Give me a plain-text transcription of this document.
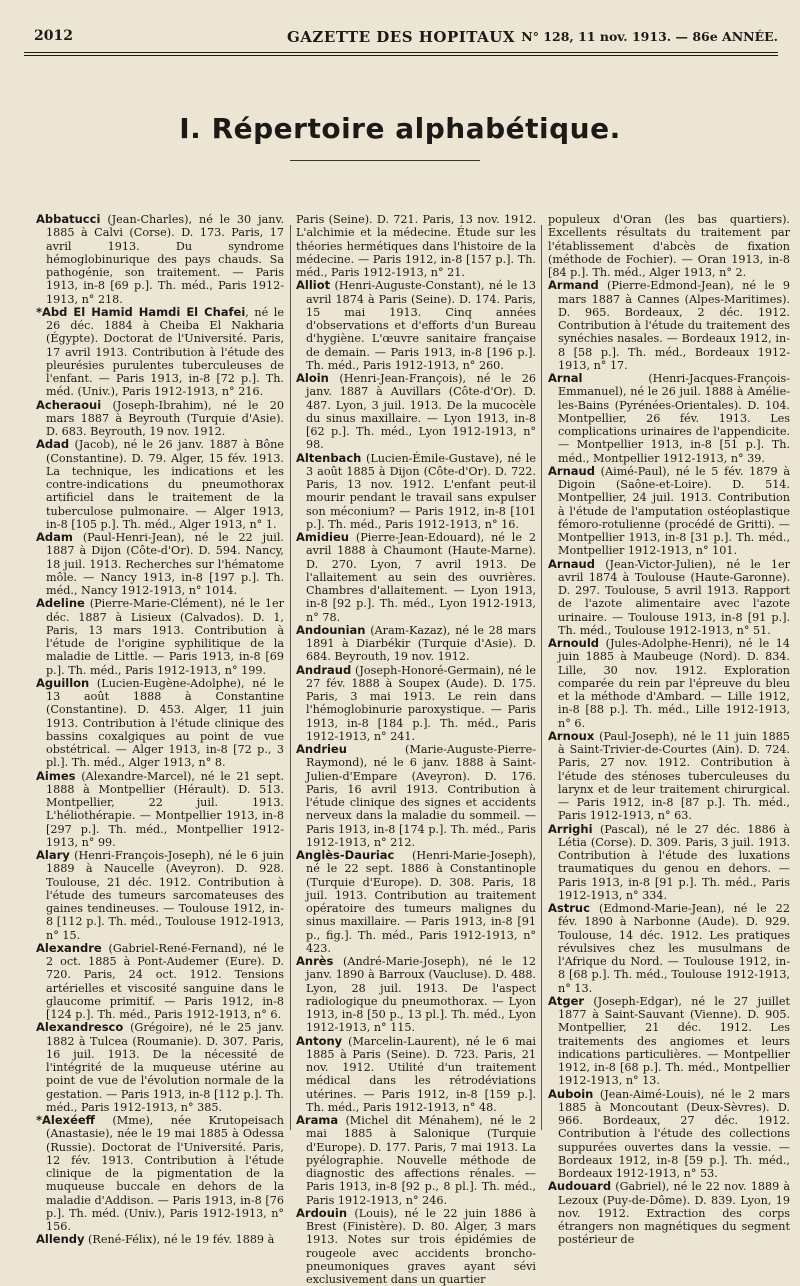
2012	GAZETTE DES HOPITAUX N° 128, 11 nov. 1913. — 86e ANNÉE.
I. Répertoire alphabétique.

Abbatucci (Jean-Charles), né le 30 janv. 1885 à Calvi (Corse). D. 173. Paris, 17 avril 1913. Du syndrome hémoglobinurique des pays chauds. Sa pathogénie, son traitement. — Paris 1913, in-8 [69 p.]. Th. méd., Paris 1912-1913, n° 218.

*Abd El Hamid Hamdi El Chafei, né le 26 déc. 1884 à Cheiba El Nakharia (Égypte). Doctorat de l'Université. Paris, 17 avril 1913. Contribution à l'étude des pleurésies purulentes tuberculeuses de l'enfant. — Paris 1913, in-8 [72 p.]. Th. méd. (Univ.), Paris 1912-1913, n° 216.

Acheraoui (Joseph-Ibrahim), né le 20 mars 1887 à Beyrouth (Turquie d'Asie). D. 683. Beyrouth, 19 nov. 1912.

Adad (Jacob), né le 26 janv. 1887 à Bône (Constantine). D. 79. Alger, 15 fév. 1913. La technique, les indications et les contre-indications du pneumothorax artificiel dans le traitement de la tuberculose pulmonaire. — Alger 1913, in-8 [105 p.]. Th. méd., Alger 1913, n° 1.

Adam (Paul-Henri-Jean), né le 22 juil. 1887 à Dijon (Côte-d'Or). D. 594. Nancy, 18 juil. 1913. Recherches sur l'hématome môle. — Nancy 1913, in-8 [197 p.]. Th. méd., Nancy 1912-1913, n° 1014.

Adeline (Pierre-Marie-Clément), né le 1er déc. 1887 à Lisieux (Calvados). D. 1, Paris, 13 mars 1913. Contribution à l'étude de l'origine syphilitique de la maladie de Little. — Paris 1913, in-8 [69 p.]. Th. méd., Paris 1912-1913, n° 199.

Aguillon (Lucien-Eugène-Adolphe), né le 13 août 1888 à Constantine (Constantine). D. 453. Alger, 11 juin 1913. Contribution à l'étude clinique des bassins coxalgiques au point de vue obstétrical. — Alger 1913, in-8 [72 p., 3 pl.]. Th. méd., Alger 1913, n° 8.

Aimes (Alexandre-Marcel), né le 21 sept. 1888 à Montpellier (Hérault). D. 513. Montpellier, 22 juil. 1913. L'héliothérapie. — Montpellier 1913, in-8 [297 p.]. Th. méd., Montpellier 1912-1913, n° 99.

Alary (Henri-François-Joseph), né le 6 juin 1889 à Naucelle (Aveyron). D. 928. Toulouse, 21 déc. 1912. Contribution à l'étude des tumeurs sarcomateuses des gaines tendineuses. — Toulouse 1912, in-8 [112 p.]. Th. méd., Toulouse 1912-1913, n° 15.

Alexandre (Gabriel-René-Fernand), né le 2 oct. 1885 à Pont-Audemer (Eure). D. 720. Paris, 24 oct. 1912. Tensions artérielles et viscosité sanguine dans le glaucome primitif. — Paris 1912, in-8 [124 p.]. Th. méd., Paris 1912-1913, n° 6.

Alexandresco (Grégoire), né le 25 janv. 1882 à Tulcea (Roumanie). D. 307. Paris, 16 juil. 1913. De la nécessité de l'intégrité de la muqueuse utérine au point de vue de l'évolution normale de la gestation. — Paris 1913, in-8 [112 p.]. Th. méd., Paris 1912-1913, n° 385.

*Alexéeff (Mme), née Krutopeisach (Anastasie), née le 19 mai 1885 à Odessa (Russie). Doctorat de l'Université. Paris, 12 fév. 1913. Contribution à l'étude clinique de la pigmentation de la muqueuse buccale en dehors de la maladie d'Addison. — Paris 1913, in-8 [76 p.]. Th. méd. (Univ.), Paris 1912-1913, n° 156.

Allendy (René-Félix), né le 19 fév. 1889 à

Paris (Seine). D. 721. Paris, 13 nov. 1912. L'alchimie et la médecine. Étude sur les théories hermétiques dans l'histoire de la médecine. — Paris 1912, in-8 [157 p.]. Th. méd., Paris 1912-1913, n° 21.

Alliot (Henri-Auguste-Constant), né le 13 avril 1874 à Paris (Seine). D. 174. Paris, 15 mai 1913. Cinq années d'observations et d'efforts d'un Bureau d'hygiène. L'œuvre sanitaire française de demain. — Paris 1913, in-8 [196 p.]. Th. méd., Paris 1912-1913, n° 260.

Aloin (Henri-Jean-François), né le 26 janv. 1887 à Auvillars (Côte-d'Or). D. 487. Lyon, 3 juil. 1913. De la mucocèle du sinus maxillaire. — Lyon 1913, in-8 [62 p.]. Th. méd., Lyon 1912-1913, n° 98.

Altenbach (Lucien-Émile-Gustave), né le 3 août 1885 à Dijon (Côte-d'Or). D. 722. Paris, 13 nov. 1912. L'enfant peut-il mourir pendant le travail sans expulser son méconium? — Paris 1912, in-8 [101 p.]. Th. méd., Paris 1912-1913, n° 16.

Amidieu (Pierre-Jean-Edouard), né le 2 avril 1888 à Chaumont (Haute-Marne). D. 270. Lyon, 7 avril 1913. De l'allaitement au sein des ouvrières. Chambres d'allaitement. — Lyon 1913, in-8 [92 p.]. Th. méd., Lyon 1912-1913, n° 78.

Andounian (Aram-Kazaz), né le 28 mars 1891 à Diarbékir (Turquie d'Asie). D. 684. Beyrouth, 19 nov. 1912.

Andraud (Joseph-Honoré-Germain), né le 27 fév. 1888 à Soupex (Aude). D. 175. Paris, 3 mai 1913. Le rein dans l'hémoglobinurie paroxystique. — Paris 1913, in-8 [184 p.]. Th. méd., Paris 1912-1913, n° 241.

Andrieu (Marie-Auguste-Pierre-Raymond), né le 6 janv. 1888 à Saint-Julien-d'Empare (Aveyron). D. 176. Paris, 16 avril 1913. Contribution à l'étude clinique des signes et accidents nerveux dans la maladie du sommeil. — Paris 1913, in-8 [174 p.]. Th. méd., Paris 1912-1913, n° 212.

Anglès-Dauriac (Henri-Marie-Joseph), né le 22 sept. 1886 à Constantinople (Turquie d'Europe). D. 308. Paris, 18 juil. 1913. Contribution au traitement opératoire des tumeurs malignes du sinus maxillaire. — Paris 1913, in-8 [91 p., fig.]. Th. méd., Paris 1912-1913, n° 423.

Anrès (André-Marie-Joseph), né le 12 janv. 1890 à Barroux (Vaucluse). D. 488. Lyon, 28 juil. 1913. De l'aspect radiologique du pneumothorax. — Lyon 1913, in-8 [50 p., 13 pl.]. Th. méd., Lyon 1912-1913, n° 115.

Antony (Marcelin-Laurent), né le 6 mai 1885 à Paris (Seine). D. 723. Paris, 21 nov. 1912. Utilité d'un traitement médical dans les rétrodéviations utérines. — Paris 1912, in-8 [159 p.]. Th. méd., Paris 1912-1913, n° 48.

Arama (Michel dit Ménahem), né le 2 mai 1885 à Salonique (Turquie d'Europe). D. 177. Paris, 7 mai 1913. La pyélographie. Nouvelle méthode de diagnostic des affections rénales. — Paris 1913, in-8 [92 p., 8 pl.]. Th. méd., Paris 1912-1913, n° 246.

Ardouin (Louis), né le 22 juin 1886 à Brest (Finistère). D. 80. Alger, 3 mars 1913. Notes sur trois épidémies de rougeole avec accidents broncho-pneumoniques graves ayant sévi exclusivement dans un quartier

populeux d'Oran (les bas quartiers). Excellents résultats du traitement par l'établissement d'abcès de fixation (méthode de Fochier). — Oran 1913, in-8 [84 p.]. Th. méd., Alger 1913, n° 2.

Armand (Pierre-Edmond-Jean), né le 9 mars 1887 à Cannes (Alpes-Maritimes). D. 965. Bordeaux, 2 déc. 1912. Contribution à l'étude du traitement des synéchies nasales. — Bordeaux 1912, in-8 [58 p.]. Th. méd., Bordeaux 1912-1913, n° 17.

Arnal (Henri-Jacques-François-Emmanuel), né le 26 juil. 1888 à Amélie-les-Bains (Pyrénées-Orientales). D. 104. Montpellier, 26 fév. 1913. Les complications urinaires de l'appendicite. — Montpellier 1913, in-8 [51 p.]. Th. méd., Montpellier 1912-1913, n° 39.

Arnaud (Aimé-Paul), né le 5 fév. 1879 à Digoin (Saône-et-Loire). D. 514. Montpellier, 24 juil. 1913. Contribution à l'étude de l'amputation ostéoplastique fémoro-rotulienne (procédé de Gritti). — Montpellier 1913, in-8 [31 p.]. Th. méd., Montpellier 1912-1913, n° 101.

Arnaud (Jean-Victor-Julien), né le 1er avril 1874 à Toulouse (Haute-Garonne). D. 297. Toulouse, 5 avril 1913. Rapport de l'azote alimentaire avec l'azote urinaire. — Toulouse 1913, in-8 [91 p.]. Th. méd., Toulouse 1912-1913, n° 51.

Arnould (Jules-Adolphe-Henri), né le 14 juin 1885 à Maubeuge (Nord). D. 834. Lille, 30 nov. 1912. Exploration comparée du rein par l'épreuve du bleu et la méthode d'Ambard. — Lille 1912, in-8 [88 p.]. Th. méd., Lille 1912-1913, n° 6.

Arnoux (Paul-Joseph), né le 11 juin 1885 à Saint-Trivier-de-Courtes (Ain). D. 724. Paris, 27 nov. 1912. Contribution à l'étude des sténoses tuberculeuses du larynx et de leur traitement chirurgical. — Paris 1912, in-8 [87 p.]. Th. méd., Paris 1912-1913, n° 63.

Arrighi (Pascal), né le 27 déc. 1886 à Létia (Corse). D. 309. Paris, 3 juil. 1913. Contribution à l'étude des luxations traumatiques du genou en dehors. — Paris 1913, in-8 [91 p.]. Th. méd., Paris 1912-1913, n° 334.

Astruc (Edmond-Marie-Jean), né le 22 fév. 1890 à Narbonne (Aude). D. 929. Toulouse, 14 déc. 1912. Les pratiques révulsives chez les musulmans de l'Afrique du Nord. — Toulouse 1912, in-8 [68 p.]. Th. méd., Toulouse 1912-1913, n° 13.

Atger (Joseph-Edgar), né le 27 juillet 1877 à Saint-Sauvant (Vienne). D. 905. Montpellier, 21 déc. 1912. Les traitements des angiomes et leurs indications particulières. — Montpellier 1912, in-8 [68 p.]. Th. méd., Montpellier 1912-1913, n° 13.

Auboin (Jean-Aimé-Louis), né le 2 mars 1885 à Moncoutant (Deux-Sèvres). D. 966. Bordeaux, 27 déc. 1912. Contribution à l'étude des collections suppurées ouvertes dans la vessie. — Bordeaux 1912, in-8 [59 p.]. Th. méd., Bordeaux 1912-1913, n° 53.

Audouard (Gabriel), né le 22 nov. 1889 à Lezoux (Puy-de-Dôme). D. 839. Lyon, 19 nov. 1912. Extraction des corps étrangers non magnétiques du segment postérieur de
